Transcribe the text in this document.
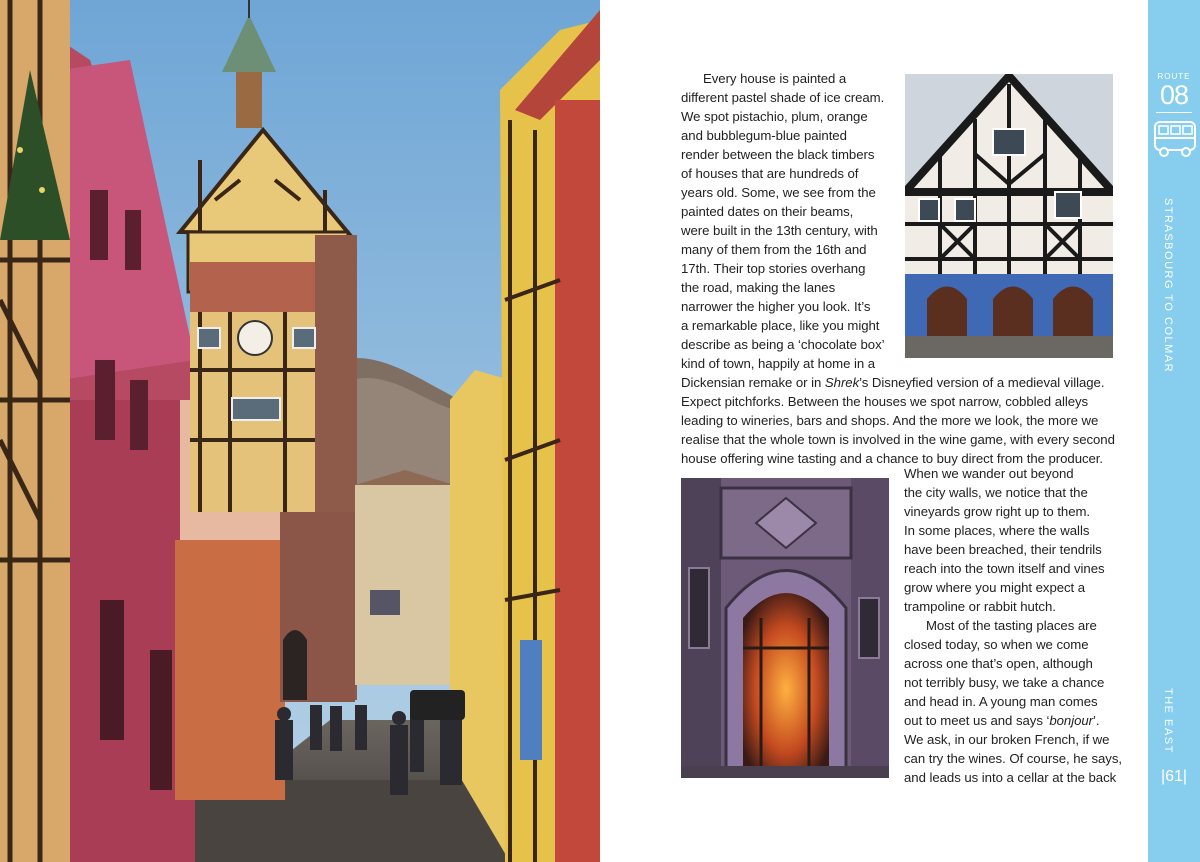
Every house is painted a
different pastel shade of ice cream.
We spot pistachio, plum, orange
and bubblegum-blue painted
render between the black timbers
of houses that are hundreds of
years old. Some, we see from the
painted dates on their beams,
were built in the 13th century, with
many of them from the 16th and
17th. Their top stories overhang
the road, making the lanes
narrower the higher you look. It’s
a remarkable place, like you might
describe as being a ‘chocolate box’
kind of town, happily at home in a
Dickensian remake or in Shrek’s Disneyfied version of a medieval village.
Expect pitchforks. Between the houses we spot narrow, cobbled alleys
leading to wineries, bars and shops. And the more we look, the more we
realise that the whole town is involved in the wine game, with every second
house offering wine tasting and a chance to buy direct from the producer.
When we wander out beyond
the city walls, we notice that the
vineyards grow right up to them.
In some places, where the walls
have been breached, their tendrils
reach into the town itself and vines
grow where you might expect a
trampoline or rabbit hutch.
Most of the tasting places are
closed today, so when we come
across one that’s open, although
not terribly busy, we take a chance
and head in. A young man comes
out to meet us and says ‘bonjour’.
We ask, in our broken French, if we
can try the wines. Of course, he says,
and leads us into a cellar at the back
ROUTE
08
STRASBOURG TO COLMAR
THE EAST
|61|
